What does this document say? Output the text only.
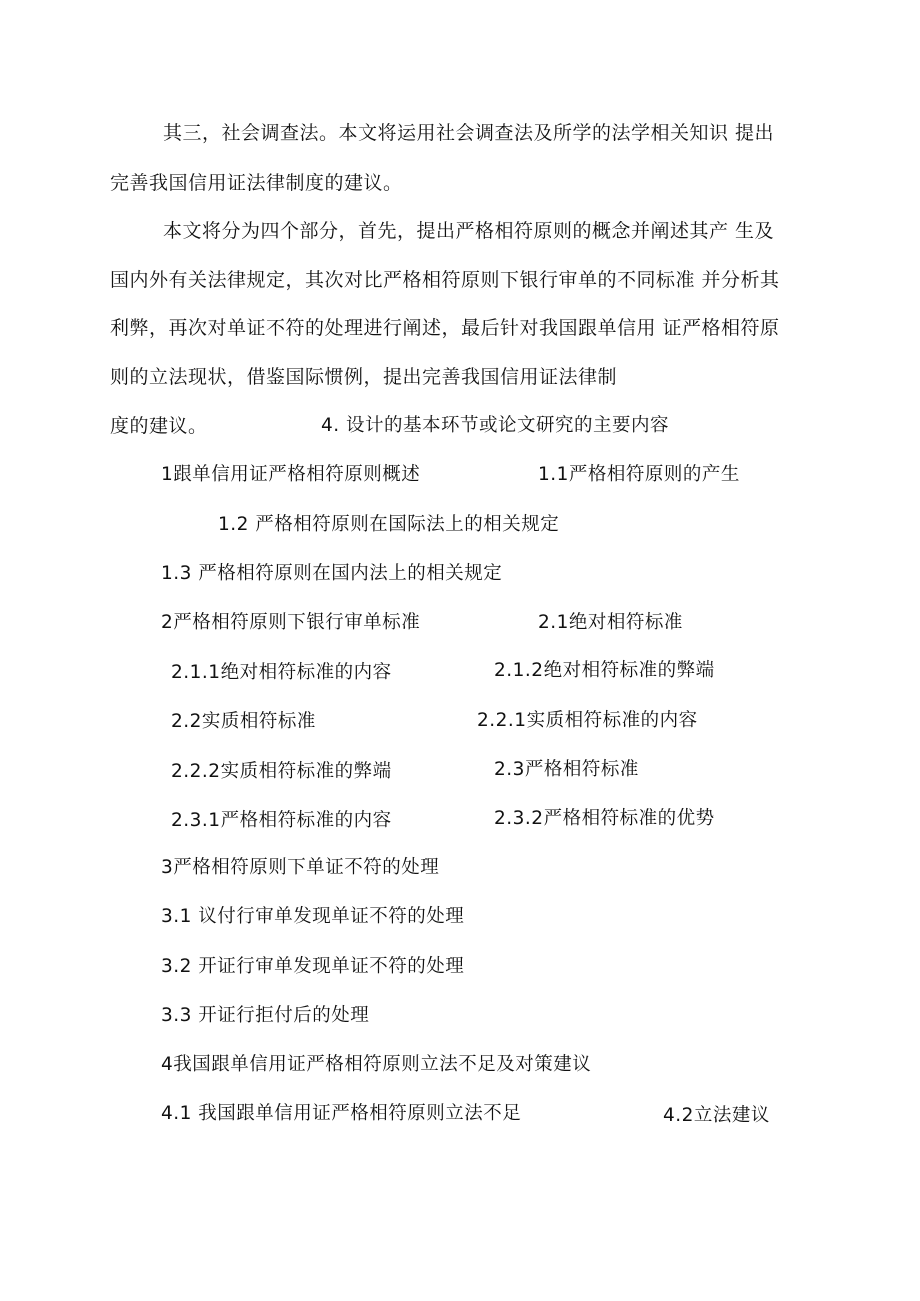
其三，社会调查法。本文将运用社会调查法及所学的法学相关知识 提出
完善我国信用证法律制度的建议。
本文将分为四个部分，首先，提出严格相符原则的概念并阐述其产 生及
国内外有关法律规定，其次对比严格相符原则下银行审单的不同标准 并分析其
利弊，再次对单证不符的处理进行阐述，最后针对我国跟单信用 证严格相符原
则的立法现状，借鉴国际惯例，提出完善我国信用证法律制
度的建议。	4. 设计的基本环节或论文研究的主要内容
1跟单信用证严格相符原则概述	1.1严格相符原则的产生
1.2 严格相符原则在国际法上的相关规定
1.3 严格相符原则在国内法上的相关规定
2严格相符原则下银行审单标准	2.1绝对相符标准
2.1.1绝对相符标准的内容	2.1.2绝对相符标准的弊端
2.2实质相符标准	2.2.1实质相符标准的内容
2.2.2实质相符标准的弊端	2.3严格相符标准
2.3.1严格相符标准的内容	2.3.2严格相符标准的优势
3严格相符原则下单证不符的处理
3.1 议付行审单发现单证不符的处理
3.2 开证行审单发现单证不符的处理
3.3 开证行拒付后的处理
4我国跟单信用证严格相符原则立法不足及对策建议
4.1 我国跟单信用证严格相符原则立法不足	4.2立法建议
